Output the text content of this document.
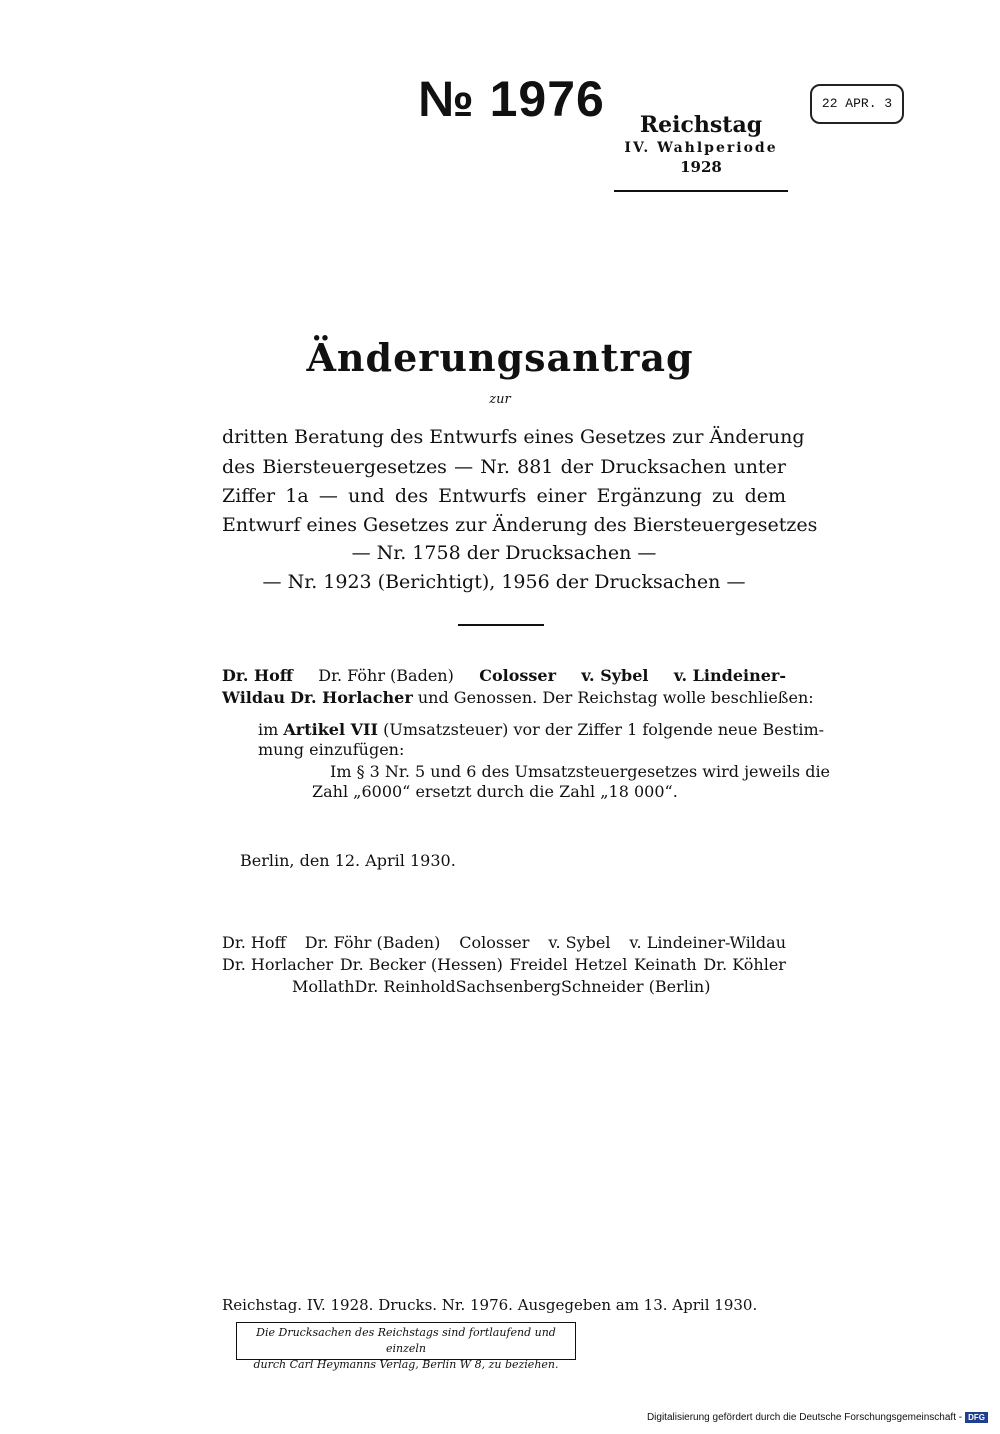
№ 1976	Reichstag
IV. Wahlperiode
1928
22 APR. 3
Änderungsantrag
zur
dritten Beratung des Entwurfs eines Gesetzes zur Änderung
des Biersteuergesetzes — Nr. 881 der Drucksachen unter
Ziffer 1a — und des Entwurfs einer Ergänzung zu dem
Entwurf eines Gesetzes zur Änderung des Biersteuergesetzes
— Nr. 1758 der Drucksachen —
— Nr. 1923 (Berichtigt), 1956 der Drucksachen —
Dr. Hoff Dr. Föhr (Baden) Colosser v. Sybel v. Lindeiner-
Wildau Dr. Horlacher und Genossen. Der Reichstag wolle beschließen:
im Artikel VII (Umsatzsteuer) vor der Ziffer 1 folgende neue Bestim-
mung einzufügen:
Im § 3 Nr. 5 und 6 des Umsatzsteuergesetzes wird jeweils die
Zahl „6000“ ersetzt durch die Zahl „18 000“.
Berlin, den 12. April 1930.
Dr. Hoff Dr. Föhr (Baden) Colosser v. Sybel v. Lindeiner-Wildau
Dr. Horlacher Dr. Becker (Hessen) Freidel Hetzel Keinath Dr. Köhler
Mollath Dr. Reinhold Sachsenberg Schneider (Berlin)
Reichstag. IV. 1928. Drucks. Nr. 1976. Ausgegeben am 13. April 1930.
Die Drucksachen des Reichstags sind fortlaufend und einzeln
durch Carl Heymanns Verlag, Berlin W 8, zu beziehen.
Digitalisierung gefördert durch die Deutsche Forschungsgemeinschaft - DFG
